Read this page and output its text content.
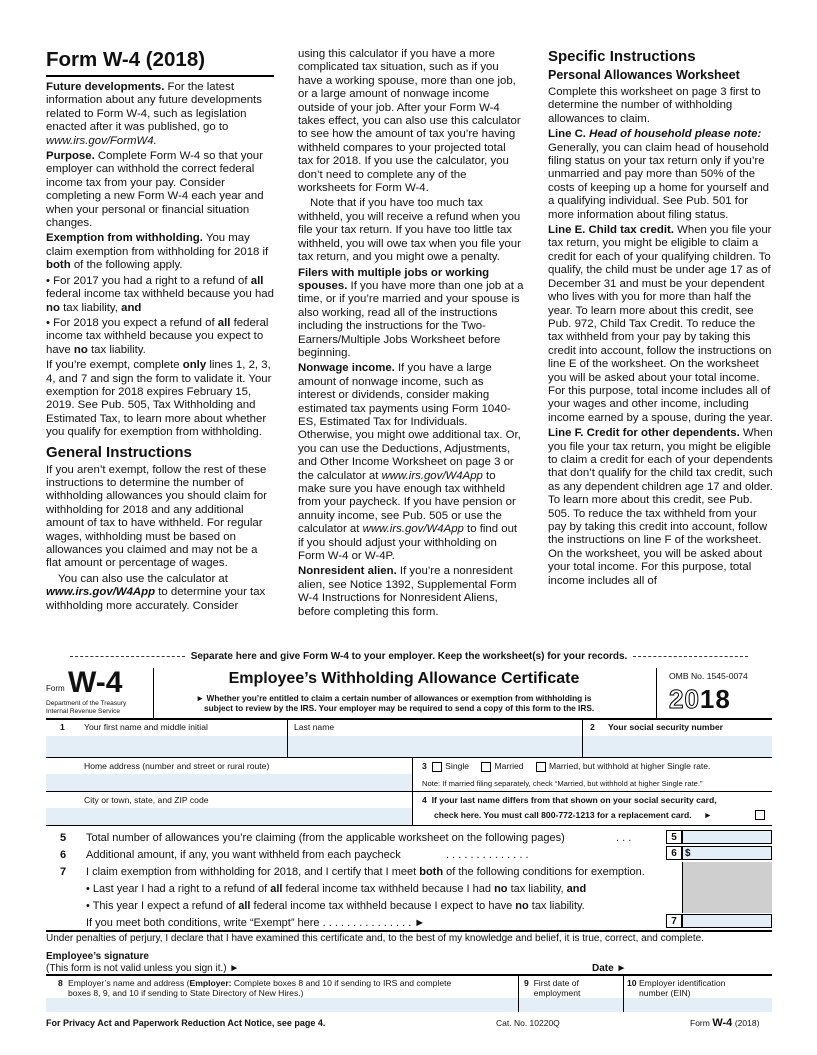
Form W-4 (2018)
Future developments. For the latest information about any future developments related to Form W-4, such as legislation enacted after it was published, go to www.irs.gov/FormW4.
Purpose. Complete Form W-4 so that your employer can withhold the correct federal income tax from your pay. Consider completing a new Form W-4 each year and when your personal or financial situation changes.
Exemption from withholding. You may claim exemption from withholding for 2018 if both of the following apply.
• For 2017 you had a right to a refund of all federal income tax withheld because you had no tax liability, and
• For 2018 you expect a refund of all federal income tax withheld because you expect to have no tax liability.
If you’re exempt, complete only lines 1, 2, 3, 4, and 7 and sign the form to validate it. Your exemption for 2018 expires February 15, 2019. See Pub. 505, Tax Withholding and Estimated Tax, to learn more about whether you qualify for exemption from withholding.
General Instructions
If you aren’t exempt, follow the rest of these instructions to determine the number of withholding allowances you should claim for withholding for 2018 and any additional amount of tax to have withheld. For regular wages, withholding must be based on allowances you claimed and may not be a flat amount or percentage of wages.
You can also use the calculator at www.irs.gov/W4App to determine your tax withholding more accurately. Consider
using this calculator if you have a more complicated tax situation, such as if you have a working spouse, more than one job, or a large amount of nonwage income outside of your job. After your Form W-4 takes effect, you can also use this calculator to see how the amount of tax you’re having withheld compares to your projected total tax for 2018. If you use the calculator, you don’t need to complete any of the worksheets for Form W-4.
Note that if you have too much tax withheld, you will receive a refund when you file your tax return. If you have too little tax withheld, you will owe tax when you file your tax return, and you might owe a penalty.
Filers with multiple jobs or working spouses. If you have more than one job at a time, or if you’re married and your spouse is also working, read all of the instructions including the instructions for the Two-Earners/Multiple Jobs Worksheet before beginning.
Nonwage income. If you have a large amount of nonwage income, such as interest or dividends, consider making estimated tax payments using Form 1040-ES, Estimated Tax for Individuals. Otherwise, you might owe additional tax. Or, you can use the Deductions, Adjustments, and Other Income Worksheet on page 3 or the calculator at www.irs.gov/W4App to make sure you have enough tax withheld from your paycheck. If you have pension or annuity income, see Pub. 505 or use the calculator at www.irs.gov/W4App to find out if you should adjust your withholding on Form W-4 or W-4P.
Nonresident alien. If you’re a nonresident alien, see Notice 1392, Supplemental Form W-4 Instructions for Nonresident Aliens, before completing this form.
Specific Instructions
Personal Allowances Worksheet
Complete this worksheet on page 3 first to determine the number of withholding allowances to claim.
Line C. Head of household please note: Generally, you can claim head of household filing status on your tax return only if you’re unmarried and pay more than 50% of the costs of keeping up a home for yourself and a qualifying individual. See Pub. 501 for more information about filing status.
Line E. Child tax credit. When you file your tax return, you might be eligible to claim a credit for each of your qualifying children. To qualify, the child must be under age 17 as of December 31 and must be your dependent who lives with you for more than half the year. To learn more about this credit, see Pub. 972, Child Tax Credit. To reduce the tax withheld from your pay by taking this credit into account, follow the instructions on line E of the worksheet. On the worksheet you will be asked about your total income. For this purpose, total income includes all of your wages and other income, including income earned by a spouse, during the year.
Line F. Credit for other dependents. When you file your tax return, you might be eligible to claim a credit for each of your dependents that don’t qualify for the child tax credit, such as any dependent children age 17 and older. To learn more about this credit, see Pub. 505. To reduce the tax withheld from your pay by taking this credit into account, follow the instructions on line F of the worksheet. On the worksheet, you will be asked about your total income. For this purpose, total income includes all of
Separate here and give Form W-4 to your employer. Keep the worksheet(s) for your records.
Form W-4
Department of the Treasury
Internal Revenue Service
Employee’s Withholding Allowance Certificate
► Whether you’re entitled to claim a certain number of allowances or exemption from withholding is
subject to review by the IRS. Your employer may be required to send a copy of this form to the IRS.
OMB No. 1545-0074
2018
1 Your first name and middle initial	Last name	2 Your social security number
Home address (number and street or rural route)	3 Single	Married	Married, but withhold at higher Single rate.
Note: If married filing separately, check “Married, but withhold at higher Single rate.”
City or town, state, and ZIP code	4 If your last name differs from that shown on your social security card,
check here. You must call 800-772-1213 for a replacement card. ►
5 Total number of allowances you’re claiming (from the applicable worksheet on the following pages)	. . .	5
6 Additional amount, if any, you want withheld from each paycheck	. . . . . . . . . . . . . .	6 $
7 I claim exemption from withholding for 2018, and I certify that I meet both of the following conditions for exemption.
• Last year I had a right to a refund of all federal income tax withheld because I had no tax liability, and
• This year I expect a refund of all federal income tax withheld because I expect to have no tax liability.
If you meet both conditions, write “Exempt” here . . . . . . . . . . . . . . . ►	7
Under penalties of perjury, I declare that I have examined this certificate and, to the best of my knowledge and belief, it is true, correct, and complete.
Employee’s signature
(This form is not valid unless you sign it.) ►	Date ►
8 Employer’s name and address (Employer: Complete boxes 8 and 10 if sending to IRS and complete
boxes 8, 9, and 10 if sending to State Directory of New Hires.)
9 First date of
employment
10 Employer identification
number (EIN)
For Privacy Act and Paperwork Reduction Act Notice, see page 4.	Cat. No. 10220Q	Form W-4 (2018)
